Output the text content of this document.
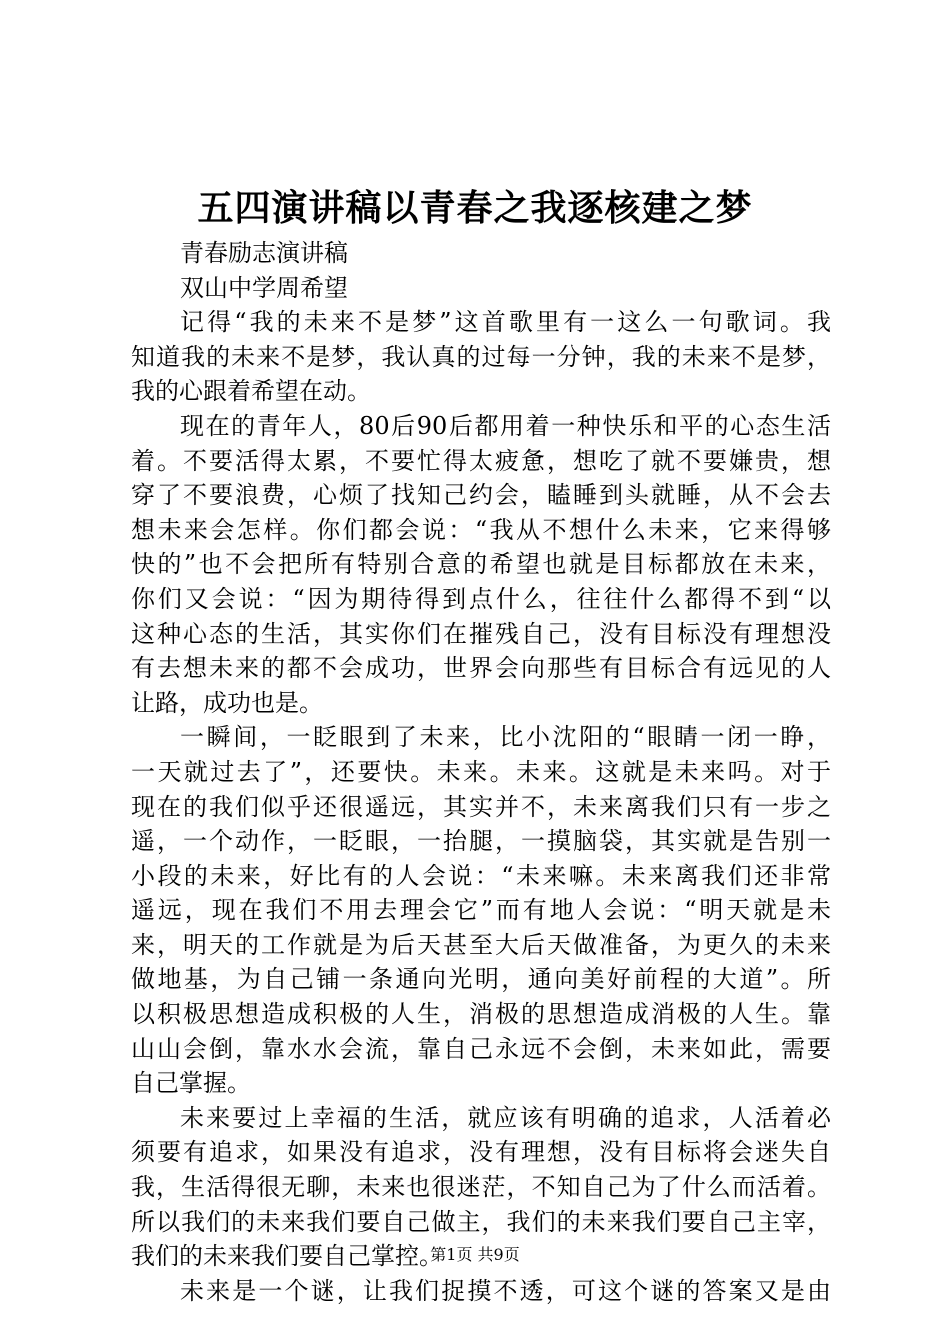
五四演讲稿以青春之我逐核建之梦
青春励志演讲稿
双山中学周希望
记得“我的未来不是梦”这首歌里有一这么一句歌词。我
知道我的未来不是梦，我认真的过每一分钟，我的未来不是梦，
我的心跟着希望在动。
现在的青年人，80后90后都用着一种快乐和平的心态生活
着。不要活得太累，不要忙得太疲惫，想吃了就不要嫌贵，想
穿了不要浪费，心烦了找知己约会，瞌睡到头就睡，从不会去
想未来会怎样。你们都会说：“我从不想什么未来，它来得够
快的”也不会把所有特别合意的希望也就是目标都放在未来，
你们又会说：“因为期待得到点什么，往往什么都得不到“以
这种心态的生活，其实你们在摧残自己，没有目标没有理想没
有去想未来的都不会成功，世界会向那些有目标合有远见的人
让路，成功也是。
一瞬间，一眨眼到了未来，比小沈阳的“眼睛一闭一睁，
一天就过去了”，还要快。未来。未来。这就是未来吗。对于
现在的我们似乎还很遥远，其实并不，未来离我们只有一步之
遥，一个动作，一眨眼，一抬腿，一摸脑袋，其实就是告别一
小段的未来，好比有的人会说：“未来嘛。未来离我们还非常
遥远，现在我们不用去理会它”而有地人会说：“明天就是未
来，明天的工作就是为后天甚至大后天做准备，为更久的未来
做地基，为自己铺一条通向光明，通向美好前程的大道”。所
以积极思想造成积极的人生，消极的思想造成消极的人生。靠
山山会倒，靠水水会流，靠自己永远不会倒，未来如此，需要
自己掌握。
未来要过上幸福的生活，就应该有明确的追求，人活着必
须要有追求，如果没有追求，没有理想，没有目标将会迷失自
我，生活得很无聊，未来也很迷茫，不知自己为了什么而活着。
所以我们的未来我们要自己做主，我们的未来我们要自己主宰，
我们的未来我们要自己掌控。
未来是一个谜，让我们捉摸不透，可这个谜的答案又是由
第1页 共9页
